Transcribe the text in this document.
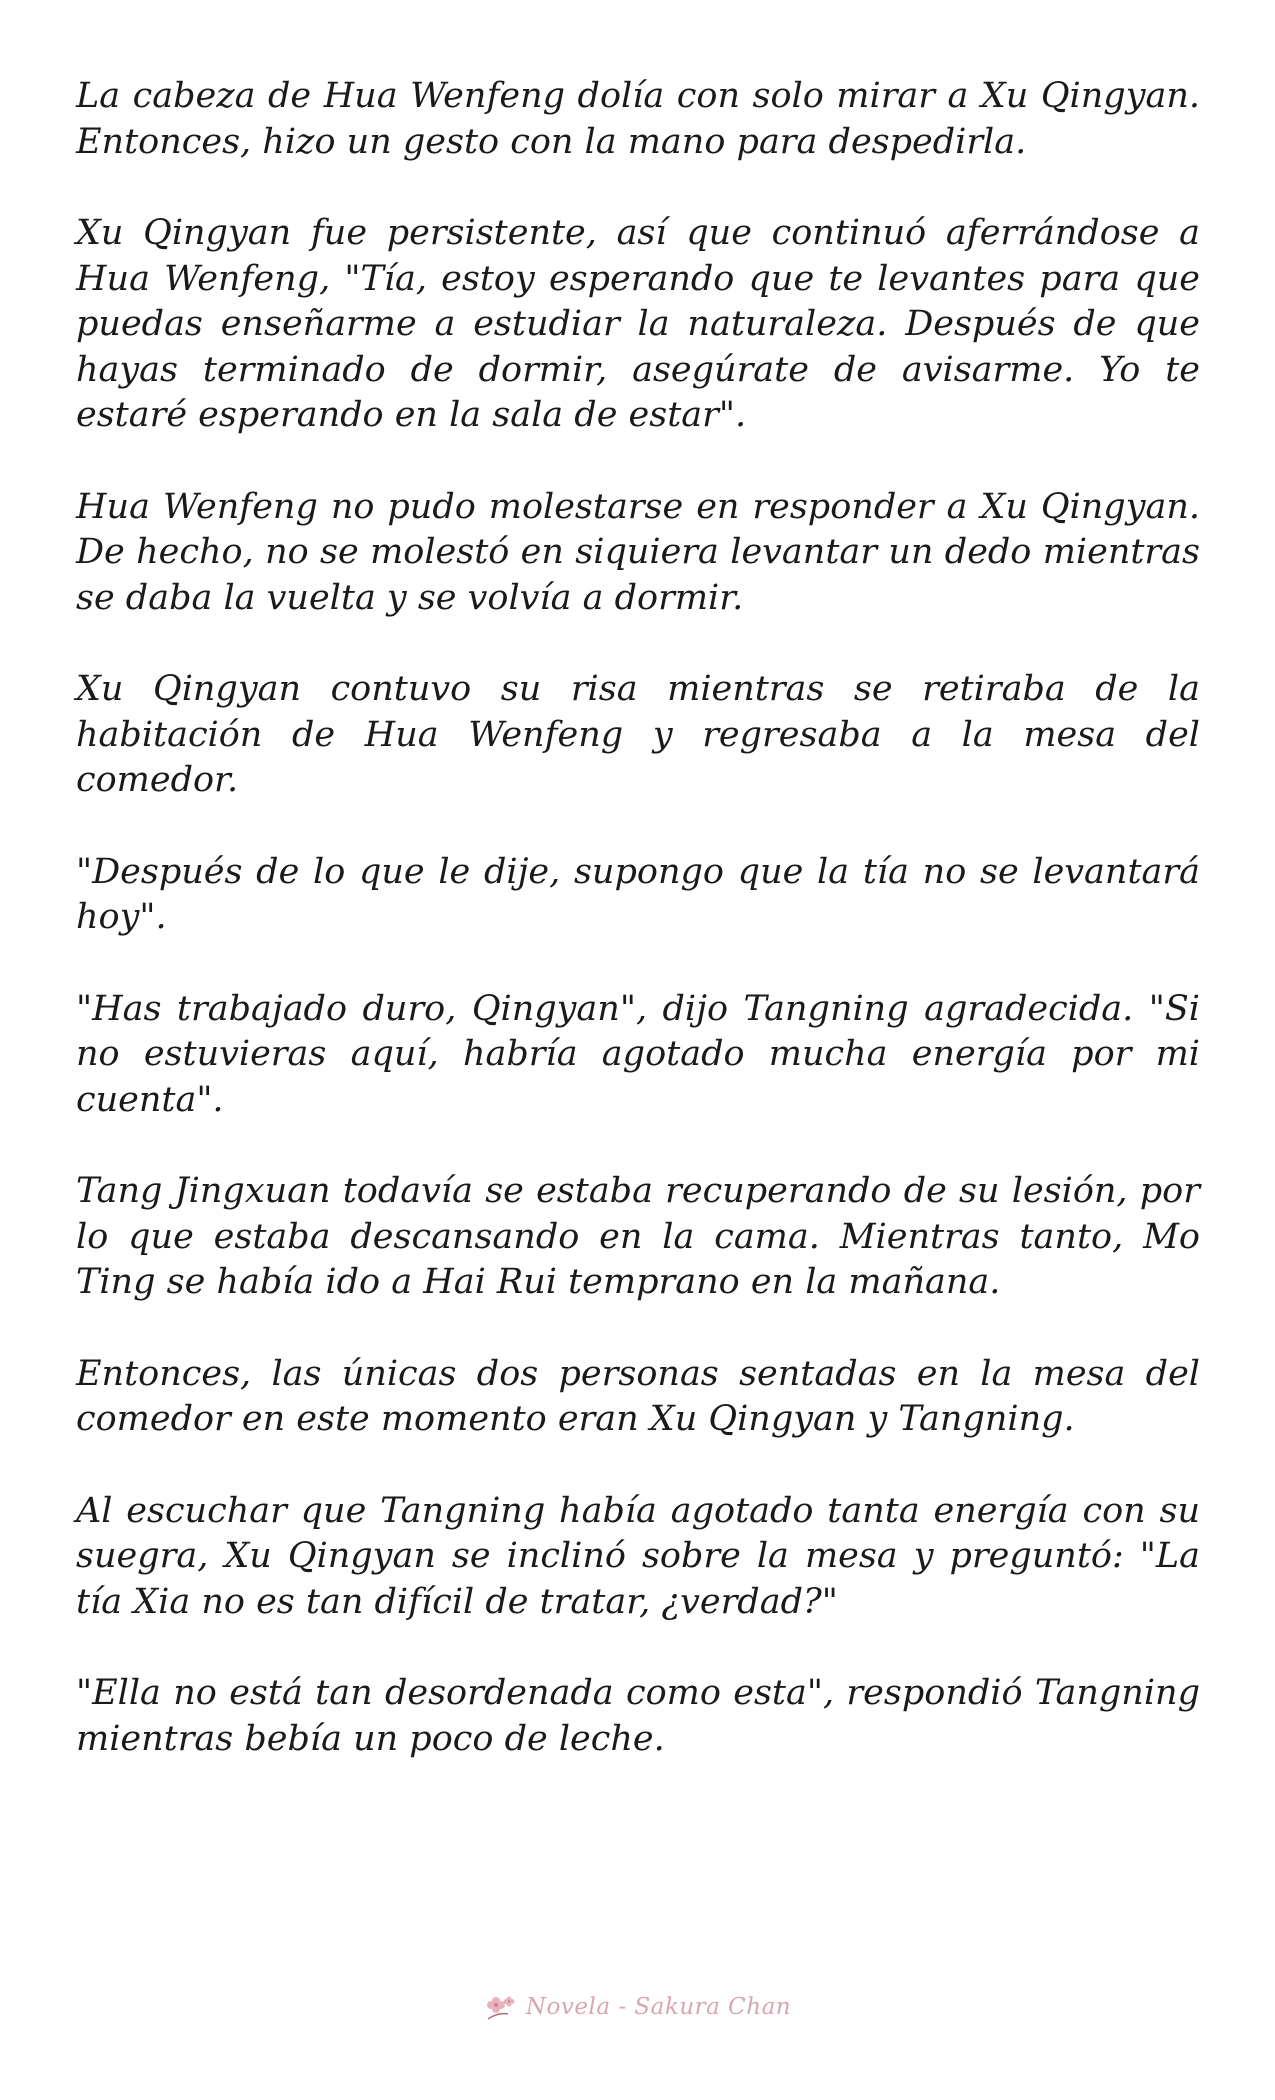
La cabeza de Hua Wenfeng dolía con solo mirar a Xu Qingyan. Entonces, hizo un gesto con la mano para despedirla.

Xu Qingyan fue persistente, así que continuó aferrándose a Hua Wenfeng, "Tía, estoy esperando que te levantes para que puedas enseñarme a estudiar la naturaleza. Después de que hayas terminado de dormir, asegúrate de avisarme. Yo te estaré esperando en la sala de estar".

Hua Wenfeng no pudo molestarse en responder a Xu Qingyan. De hecho, no se molestó en siquiera levantar un dedo mientras se daba la vuelta y se volvía a dormir.

Xu Qingyan contuvo su risa mientras se retiraba de la habitación de Hua Wenfeng y regresaba a la mesa del comedor.

"Después de lo que le dije, supongo que la tía no se levantará hoy".

"Has trabajado duro, Qingyan", dijo Tangning agradecida. "Si no estuvieras aquí, habría agotado mucha energía por mi cuenta".

Tang Jingxuan todavía se estaba recuperando de su lesión, por lo que estaba descansando en la cama. Mientras tanto, Mo Ting se había ido a Hai Rui temprano en la mañana.

Entonces, las únicas dos personas sentadas en la mesa del comedor en este momento eran Xu Qingyan y Tangning.

Al escuchar que Tangning había agotado tanta energía con su suegra, Xu Qingyan se inclinó sobre la mesa y preguntó: "La tía Xia no es tan difícil de tratar, ¿verdad?"

"Ella no está tan desordenada como esta", respondió Tangning mientras bebía un poco de leche.

Novela - Sakura Chan
